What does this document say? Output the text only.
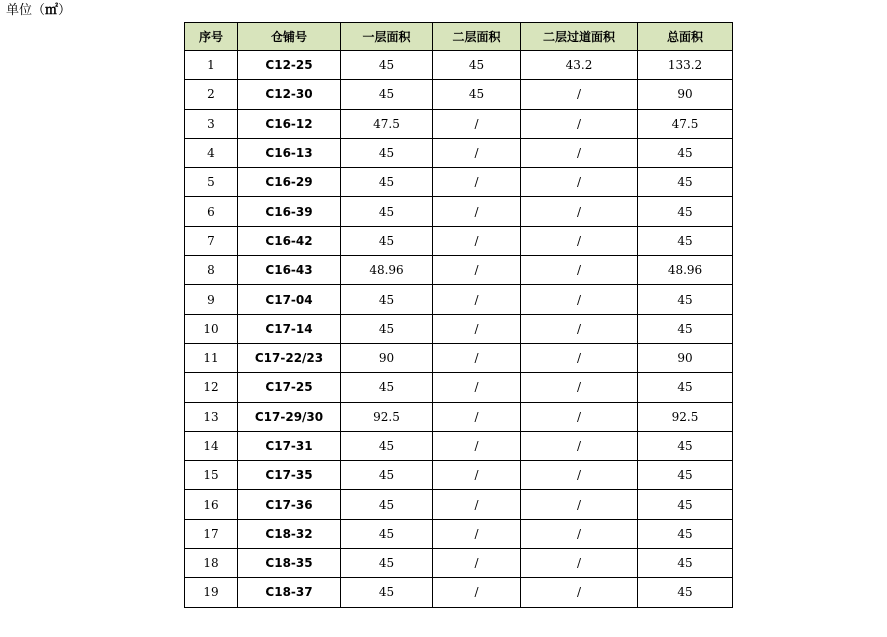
单位（㎡）
序号	仓铺号	一层面积	二层面积	二层过道面积	总面积
1	C12-25	45	45	43.2	133.2
2	C12-30	45	45	/	90
3	C16-12	47.5	/	/	47.5
4	C16-13	45	/	/	45
5	C16-29	45	/	/	45
6	C16-39	45	/	/	45
7	C16-42	45	/	/	45
8	C16-43	48.96	/	/	48.96
9	C17-04	45	/	/	45
10	C17-14	45	/	/	45
11	C17-22/23	90	/	/	90
12	C17-25	45	/	/	45
13	C17-29/30	92.5	/	/	92.5
14	C17-31	45	/	/	45
15	C17-35	45	/	/	45
16	C17-36	45	/	/	45
17	C18-32	45	/	/	45
18	C18-35	45	/	/	45
19	C18-37	45	/	/	45
